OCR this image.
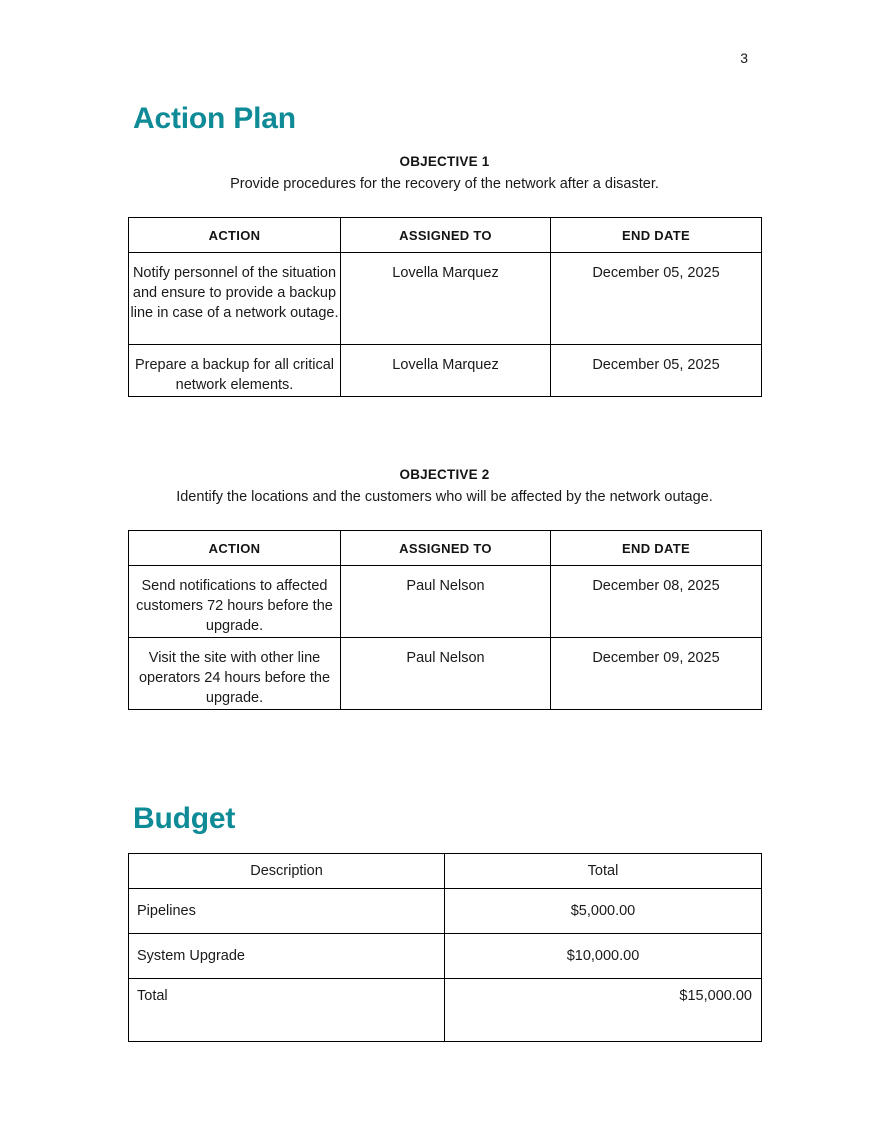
3
Action Plan
OBJECTIVE 1
Provide procedures for the recovery of the network after a disaster.
ACTION	ASSIGNED TO	END DATE
Notify personnel of the situation and ensure to provide a backup line in case of a network outage.	Lovella Marquez	December 05, 2025
Prepare a backup for all critical network elements.	Lovella Marquez	December 05, 2025
OBJECTIVE 2
Identify the locations and the customers who will be affected by the network outage.
ACTION	ASSIGNED TO	END DATE
Send notifications to affected customers 72 hours before the upgrade.	Paul Nelson	December 08, 2025
Visit the site with other line operators 24 hours before the upgrade.	Paul Nelson	December 09, 2025
Budget
Description	Total
Pipelines	$5,000.00
System Upgrade	$10,000.00
Total	$15,000.00
